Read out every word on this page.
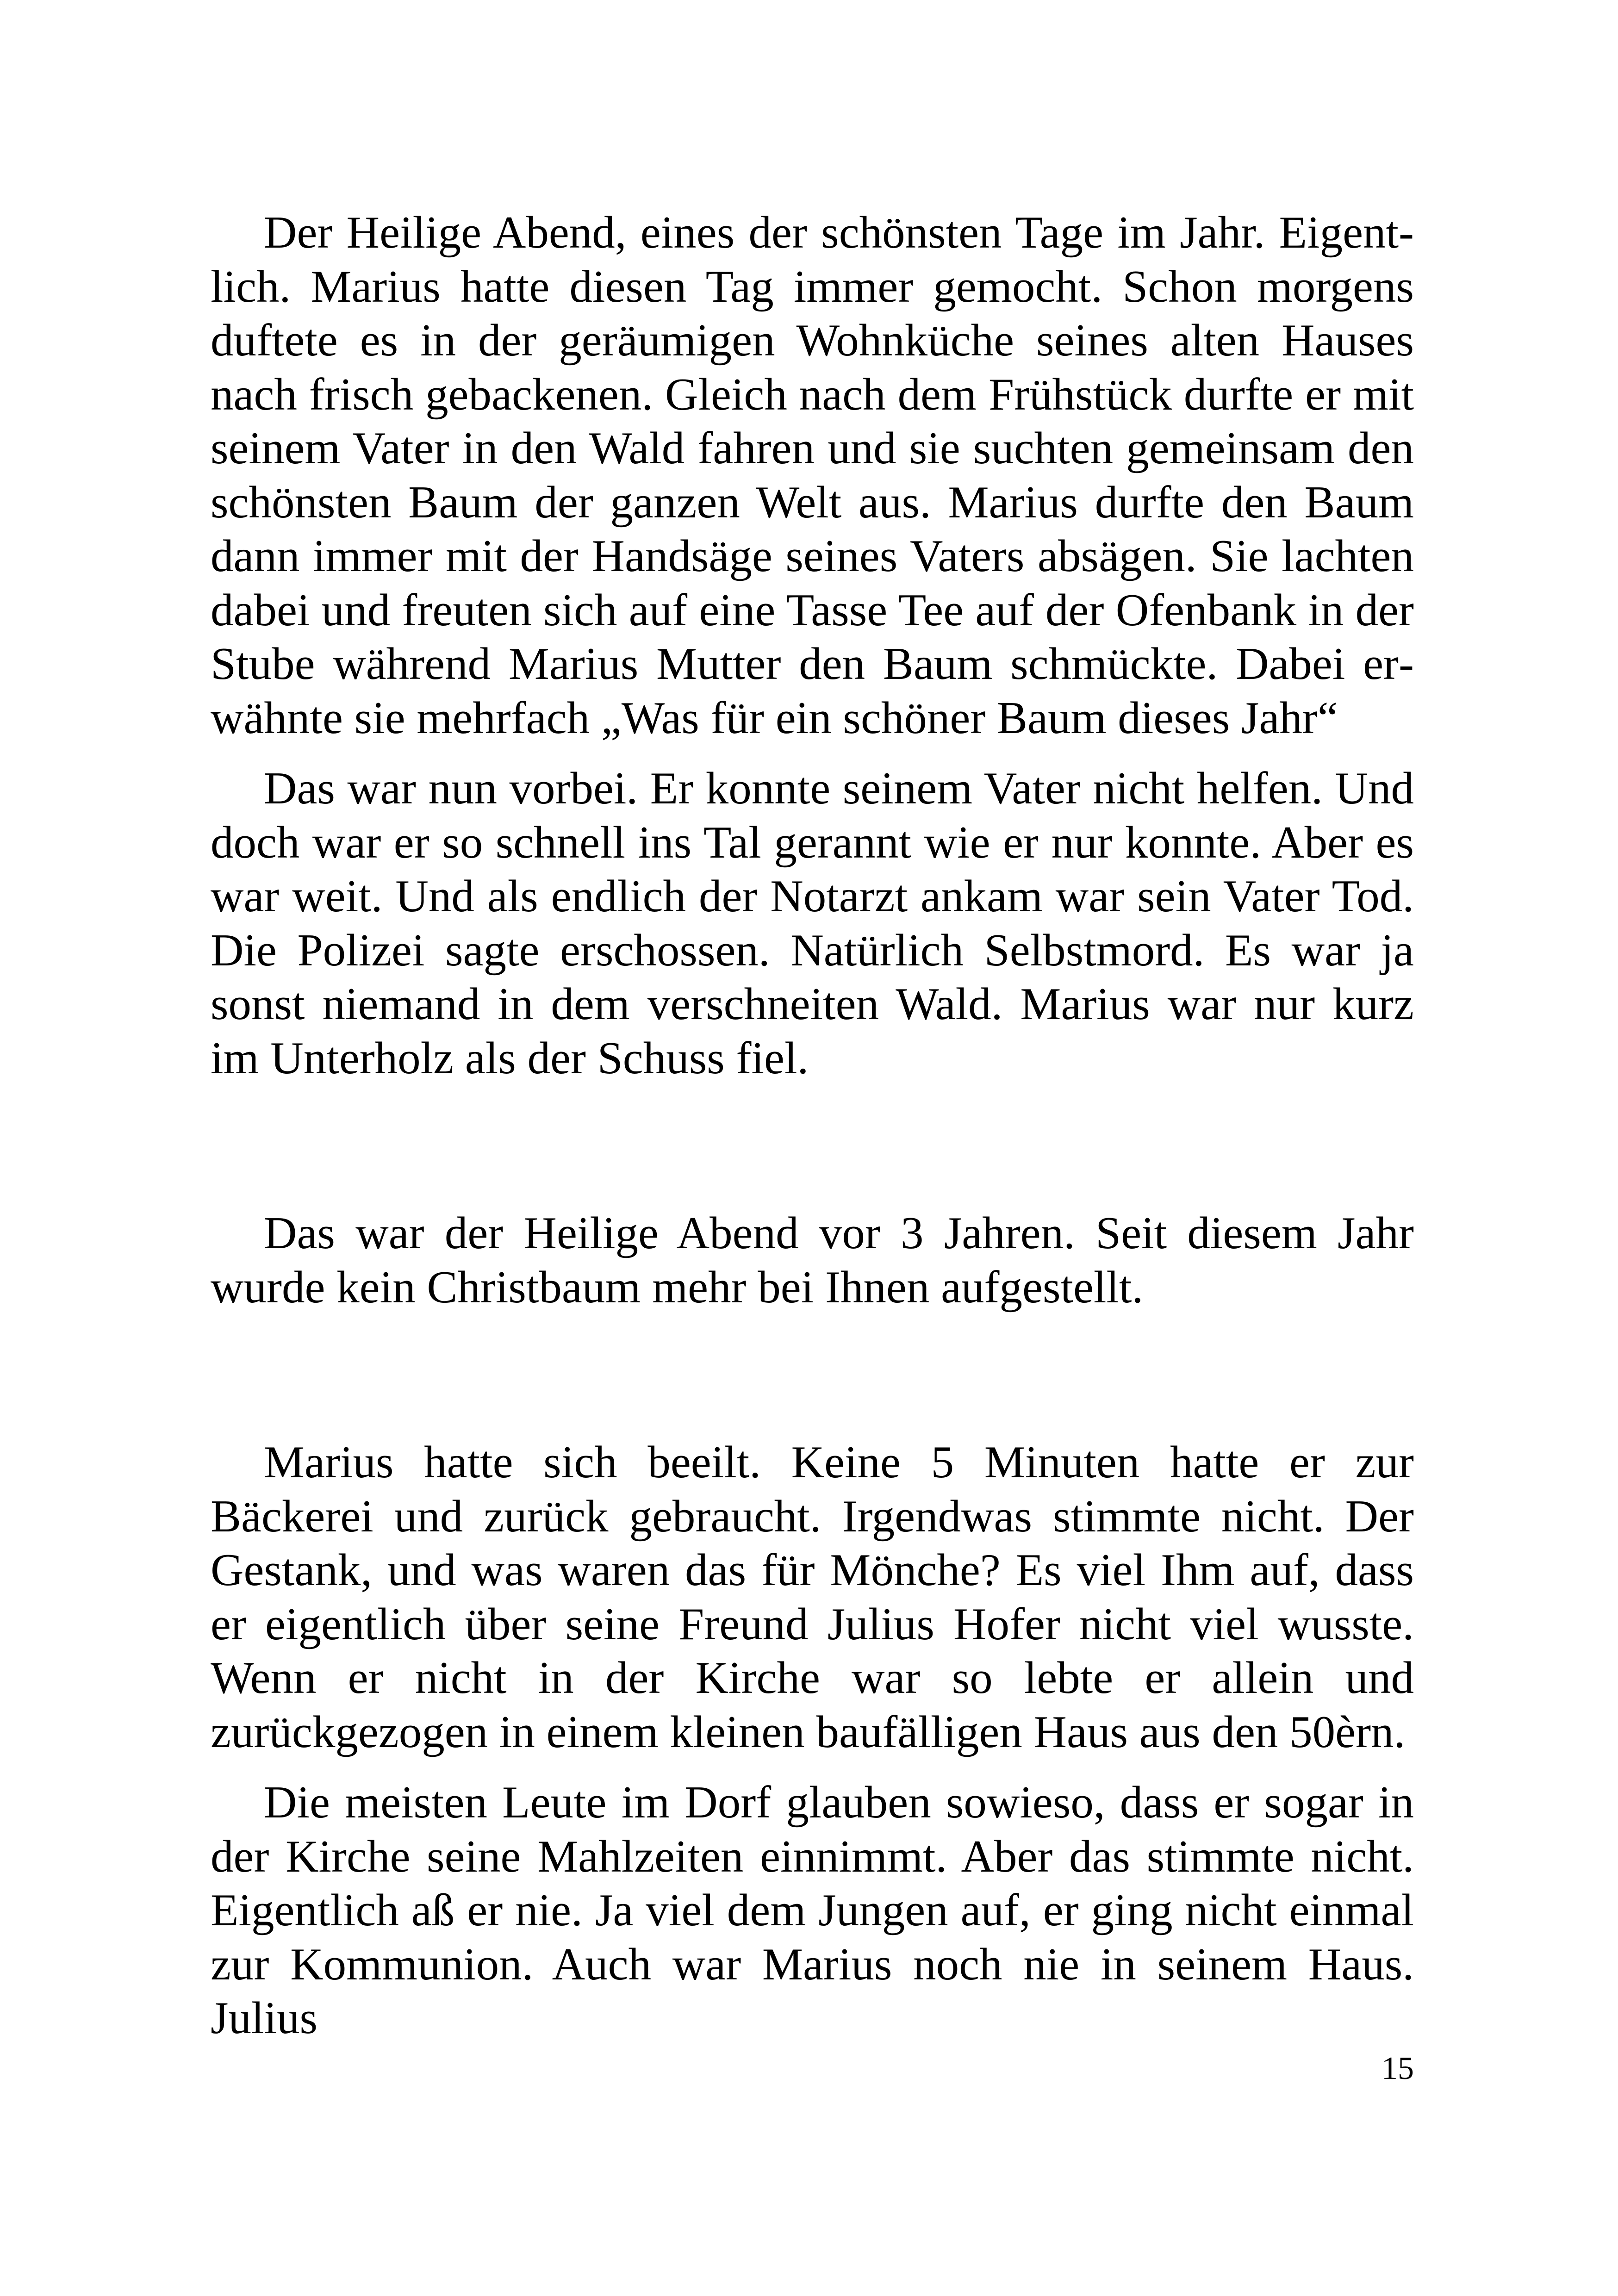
Der Heilige Abend, eines der schönsten Tage im Jahr. Eigentlich. Marius hatte diesen Tag immer gemocht. Schon morgens duftete es in der geräumigen Wohnküche seines alten Hauses nach frisch gebackenen. Gleich nach dem Frühstück durfte er mit seinem Vater in den Wald fahren und sie suchten gemeinsam den schönsten Baum der ganzen Welt aus. Marius durfte den Baum dann immer mit der Handsäge seines Vaters absägen. Sie lachten dabei und freuten sich auf eine Tasse Tee auf der Ofenbank in der Stube während Marius Mutter den Baum schmückte. Dabei erwähnte sie mehrfach „Was für ein schöner Baum dieses Jahr“

Das war nun vorbei. Er konnte seinem Vater nicht helfen. Und doch war er so schnell ins Tal gerannt wie er nur konnte. Aber es war weit. Und als endlich der Notarzt ankam war sein Vater Tod. Die Polizei sagte erschossen. Natürlich Selbstmord. Es war ja sonst niemand in dem verschneiten Wald. Marius war nur kurz im Unterholz als der Schuss fiel.

Das war der Heilige Abend vor 3 Jahren. Seit diesem Jahr wurde kein Christbaum mehr bei Ihnen aufgestellt.

Marius hatte sich beeilt. Keine 5 Minuten hatte er zur Bäckerei und zurück gebraucht. Irgendwas stimmte nicht. Der Gestank, und was waren das für Mönche? Es viel Ihm auf, dass er eigentlich über seine Freund Julius Hofer nicht viel wusste. Wenn er nicht in der Kirche war so lebte er allein und zurückgezogen in einem kleinen baufälligen Haus aus den 50èrn.

Die meisten Leute im Dorf glauben sowieso, dass er sogar in der Kirche seine Mahlzeiten einnimmt. Aber das stimmte nicht. Eigentlich aß er nie. Ja viel dem Jungen auf, er ging nicht einmal zur Kommunion. Auch war Marius noch nie in seinem Haus. Julius

15
